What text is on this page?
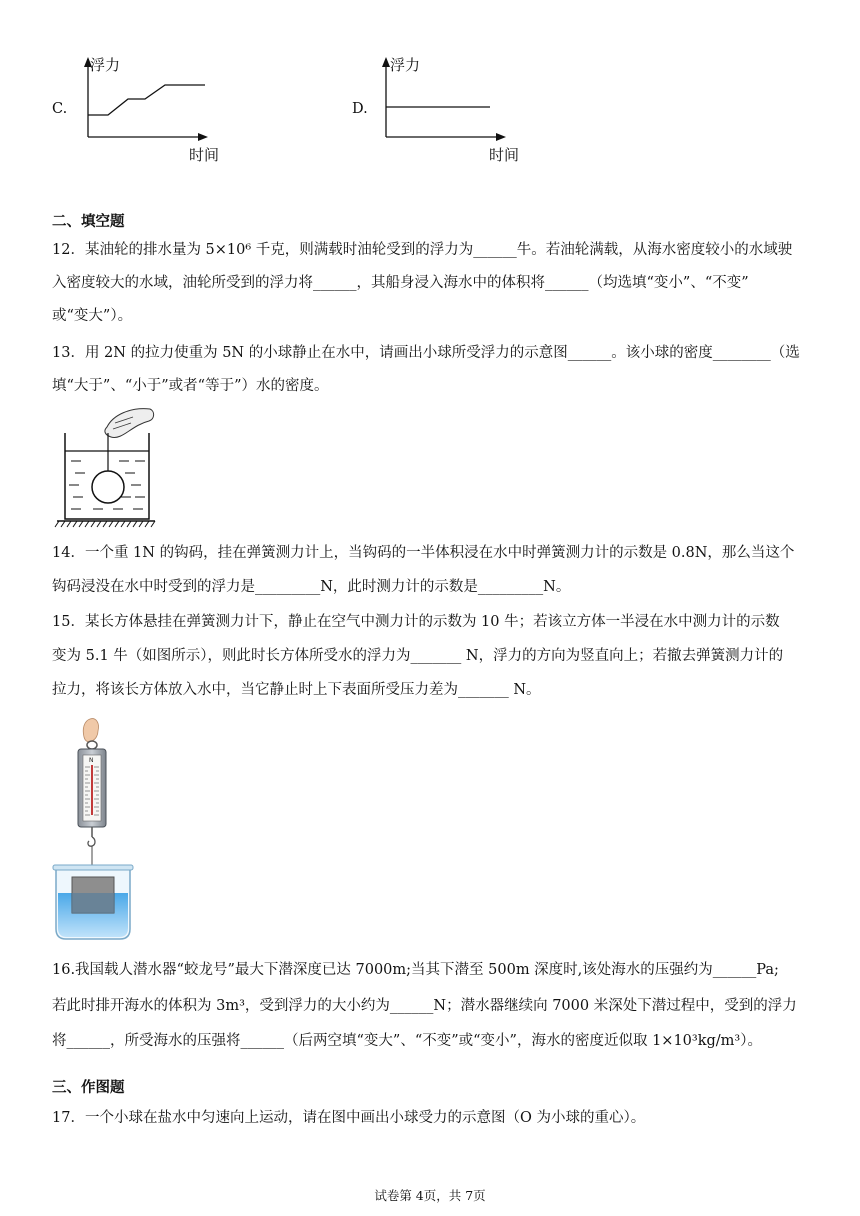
C.
浮力
时间
D.
浮力
时间
二、填空题
12．某油轮的排水量为 5×10⁶ 千克，则满载时油轮受到的浮力为______牛。若油轮满载，从海水密度较小的水域驶
入密度较大的水域，油轮所受到的浮力将______，其船身浸入海水中的体积将______（均选填“变小”、“不变”
或“变大”）。
13．用 2N 的拉力使重为 5N 的小球静止在水中，请画出小球所受浮力的示意图______。该小球的密度________（选
填“大于”、“小于”或者“等于”）水的密度。
14．一个重 1N 的钩码，挂在弹簧测力计上，当钩码的一半体积浸在水中时弹簧测力计的示数是 0.8N，那么当这个
钩码浸没在水中时受到的浮力是_________N，此时测力计的示数是_________N。
15．某长方体悬挂在弹簧测力计下，静止在空气中测力计的示数为 10 牛；若该立方体一半浸在水中测力计的示数
变为 5.1 牛（如图所示），则此时长方体所受水的浮力为_______ N，浮力的方向为竖直向上；若撤去弹簧测力计的
拉力，将该长方体放入水中，当它静止时上下表面所受压力差为_______ N。
N
16.我国载人潜水器“蛟龙号”最大下潜深度已达 7000m;当其下潜至 500m 深度时,该处海水的压强约为______Pa;
若此时排开海水的体积为 3m³，受到浮力的大小约为______N；潜水器继续向 7000 米深处下潜过程中，受到的浮力
将______，所受海水的压强将______（后两空填“变大”、“不变”或“变小”，海水的密度近似取 1×10³kg/m³）。
三、作图题
17．一个小球在盐水中匀速向上运动，请在图中画出小球受力的示意图（O 为小球的重心）。
试卷第 4页，共 7页
